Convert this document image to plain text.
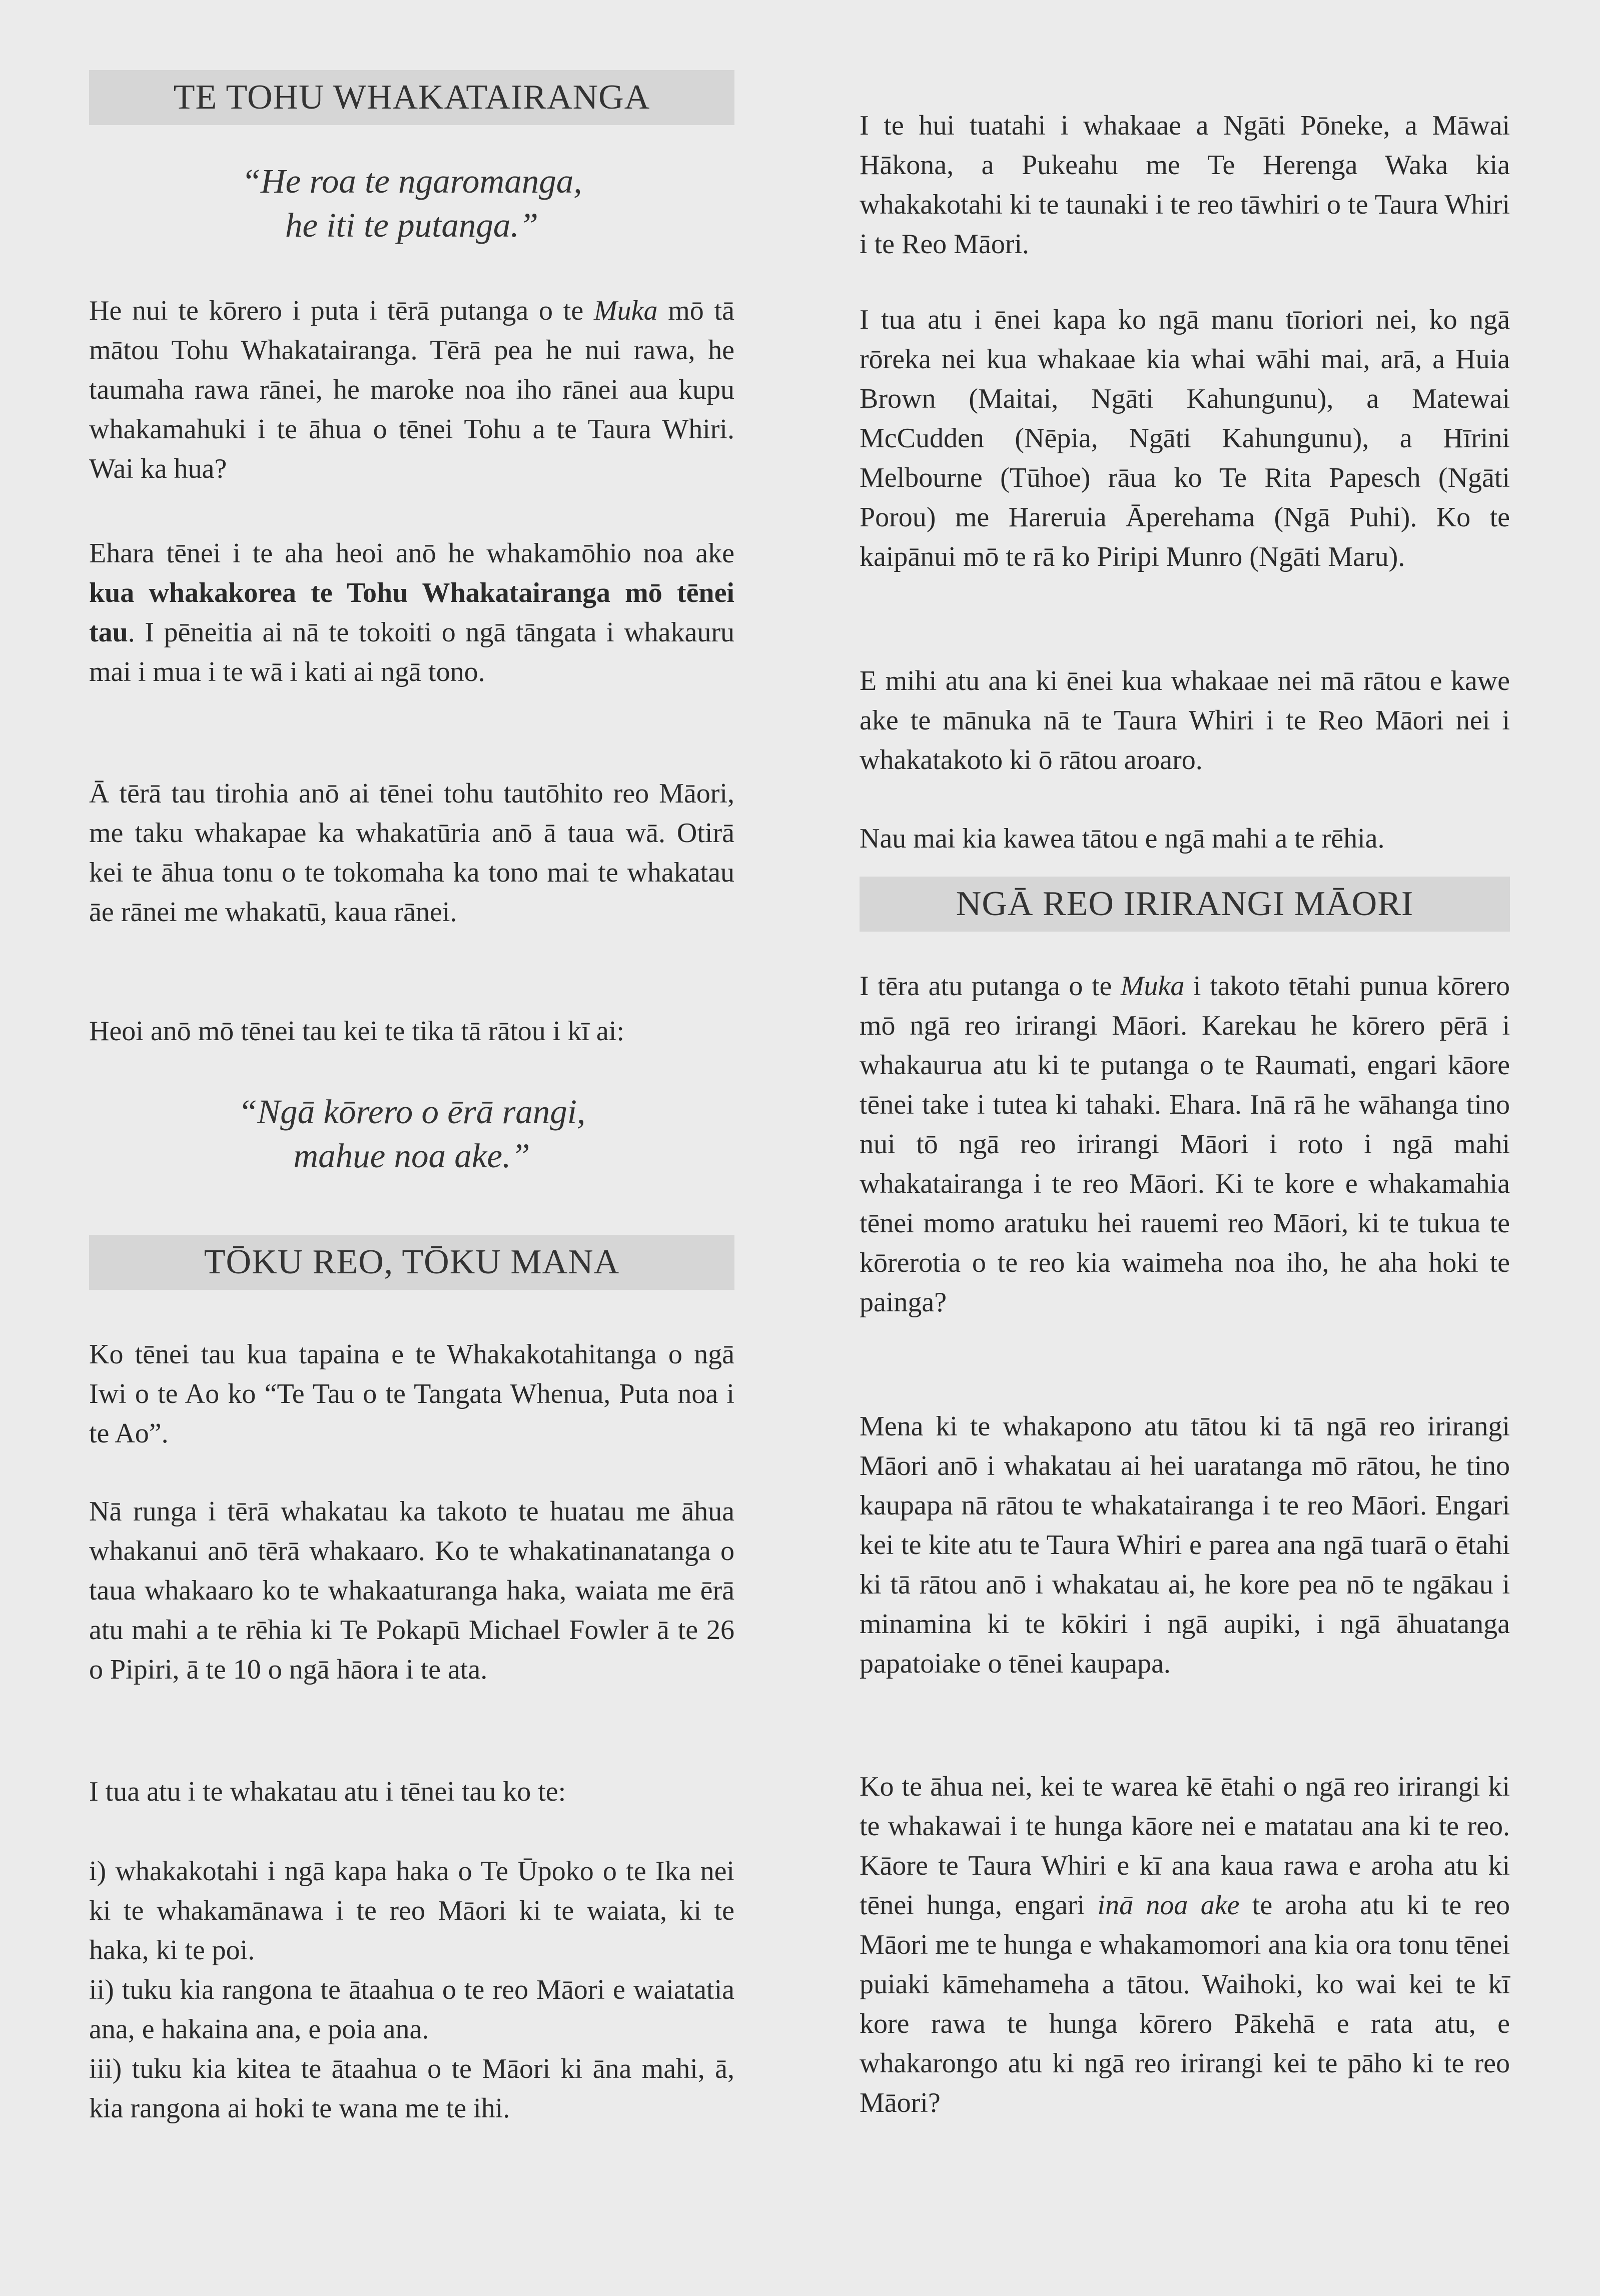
TE TOHU WHAKATAIRANGA
“He roa te ngaromanga,
he iti te putanga.”

He nui te kōrero i puta i tērā putanga o te Muka mō tā mātou Tohu Whakatairanga. Tērā pea he nui rawa, he taumaha rawa rānei, he maroke noa iho rānei aua kupu whakamahuki i te āhua o tēnei Tohu a te Taura Whiri. Wai ka hua?

Ehara tēnei i te aha heoi anō he whakamōhio noa ake kua whakakorea te Tohu Whakatairanga mō tēnei tau. I pēneitia ai nā te tokoiti o ngā tāngata i whakauru mai i mua i te wā i kati ai ngā tono.

Ā tērā tau tirohia anō ai tēnei tohu tautōhito reo Māori, me taku whakapae ka whakatūria anō ā taua wā. Otirā kei te āhua tonu o te tokomaha ka tono mai te whakatau āe rānei me whakatū, kaua rānei.

Heoi anō mō tēnei tau kei te tika tā rātou i kī ai:

“Ngā kōrero o ērā rangi,
mahue noa ake.”
TŌKU REO, TŌKU MANA

Ko tēnei tau kua tapaina e te Whakakotahitanga o ngā Iwi o te Ao ko “Te Tau o te Tangata Whenua, Puta noa i te Ao”.

Nā runga i tērā whakatau ka takoto te huatau me āhua whakanui anō tērā whakaaro. Ko te whakatinanatanga o taua whakaaro ko te whakaaturanga haka, waiata me ērā atu mahi a te rēhia ki Te Pokapū Michael Fowler ā te 26 o Pipiri, ā te 10 o ngā hāora i te ata.

I tua atu i te whakatau atu i tēnei tau ko te:

i) whakakotahi i ngā kapa haka o Te Ūpoko o te Ika nei ki te whakamānawa i te reo Māori ki te waiata, ki te haka, ki te poi.
ii) tuku kia rangona te ātaahua o te reo Māori e waiatatia ana, e hakaina ana, e poia ana.
iii) tuku kia kitea te ātaahua o te Māori ki āna mahi, ā, kia rangona ai hoki te wana me te ihi.

I te hui tuatahi i whakaae a Ngāti Pōneke, a Māwai Hākona, a Pukeahu me Te Herenga Waka kia whakakotahi ki te taunaki i te reo tāwhiri o te Taura Whiri i te Reo Māori.

I tua atu i ēnei kapa ko ngā manu tīoriori nei, ko ngā rōreka nei kua whakaae kia whai wāhi mai, arā, a Huia Brown (Maitai, Ngāti Kahungunu), a Matewai McCudden (Nēpia, Ngāti Kahungunu), a Hīrini Melbourne (Tūhoe) rāua ko Te Rita Papesch (Ngāti Porou) me Hareruia Āperehama (Ngā Puhi). Ko te kaipānui mō te rā ko Piripi Munro (Ngāti Maru).

E mihi atu ana ki ēnei kua whakaae nei mā rātou e kawe ake te mānuka nā te Taura Whiri i te Reo Māori nei i whakatakoto ki ō rātou aroaro.

Nau mai kia kawea tātou e ngā mahi a te rēhia.

NGĀ REO IRIRANGI MĀORI

I tēra atu putanga o te Muka i takoto tētahi punua kōrero mō ngā reo irirangi Māori. Karekau he kōrero pērā i whakaurua atu ki te putanga o te Raumati, engari kāore tēnei take i tutea ki tahaki. Ehara. Inā rā he wāhanga tino nui tō ngā reo irirangi Māori i roto i ngā mahi whakatairanga i te reo Māori. Ki te kore e whakamahia tēnei momo aratuku hei rauemi reo Māori, ki te tukua te kōrerotia o te reo kia waimeha noa iho, he aha hoki te painga?

Mena ki te whakapono atu tātou ki tā ngā reo irirangi Māori anō i whakatau ai hei uaratanga mō rātou, he tino kaupapa nā rātou te whakatairanga i te reo Māori. Engari kei te kite atu te Taura Whiri e parea ana ngā tuarā o ētahi ki tā rātou anō i whakatau ai, he kore pea nō te ngākau i minamina ki te kōkiri i ngā aupiki, i ngā āhuatanga papatoiake o tēnei kaupapa.

Ko te āhua nei, kei te warea kē ētahi o ngā reo irirangi ki te whakawai i te hunga kāore nei e matatau ana ki te reo. Kāore te Taura Whiri e kī ana kaua rawa e aroha atu ki tēnei hunga, engari inā noa ake te aroha atu ki te reo Māori me te hunga e whakamomori ana kia ora tonu tēnei puiaki kāmehameha a tātou. Waihoki, ko wai kei te kī kore rawa te hunga kōrero Pākehā e rata atu, e whakarongo atu ki ngā reo irirangi kei te pāho ki te reo Māori?
